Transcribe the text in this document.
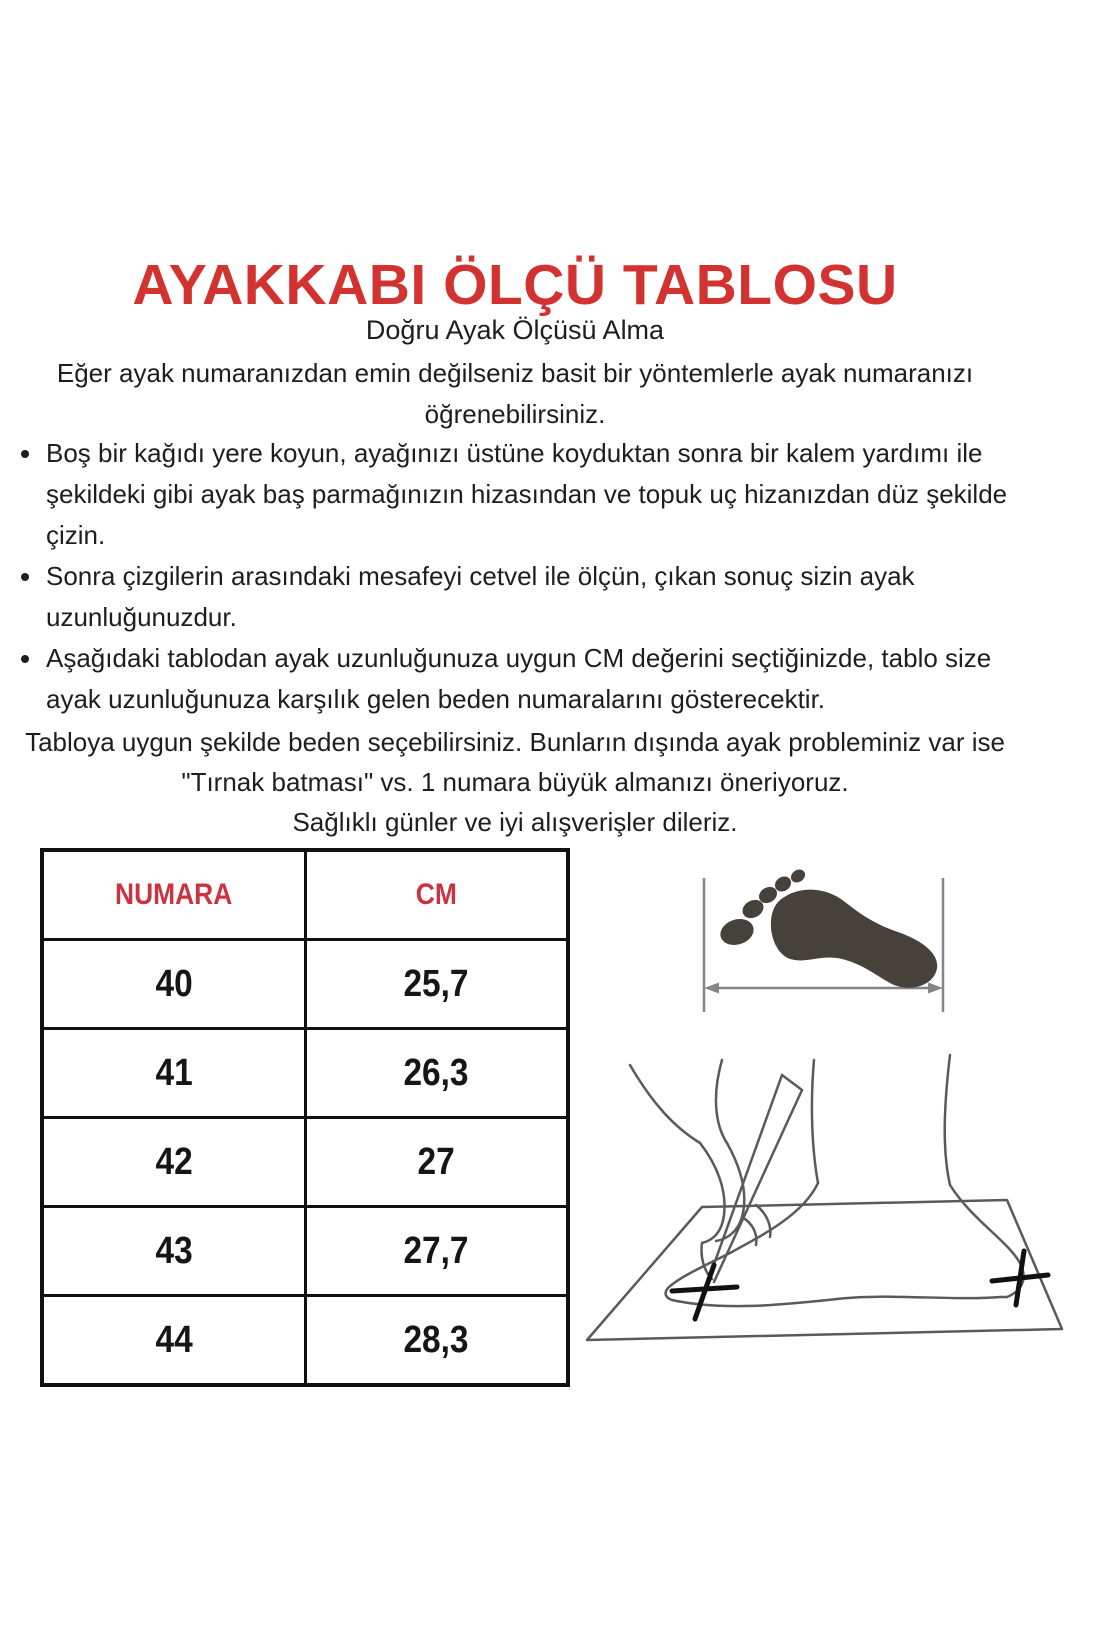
AYAKKABI ÖLÇÜ TABLOSU
Doğru Ayak Ölçüsü Alma
Eğer ayak numaranızdan emin değilseniz basit bir yöntemlerle ayak numaranızı
öğrenebilirsiniz.
• Boş bir kağıdı yere koyun, ayağınızı üstüne koyduktan sonra bir kalem yardımı ile şekildeki gibi ayak baş parmağınızın hizasından ve topuk uç hizanızdan düz şekilde çizin.
• Sonra çizgilerin arasındaki mesafeyi cetvel ile ölçün, çıkan sonuç sizin ayak uzunluğunuzdur.
• Aşağıdaki tablodan ayak uzunluğunuza uygun CM değerini seçtiğinizde, tablo size ayak uzunluğunuza karşılık gelen beden numaralarını gösterecektir.
Tabloya uygun şekilde beden seçebilirsiniz. Bunların dışında ayak probleminiz var ise
"Tırnak batması" vs. 1 numara büyük almanızı öneriyoruz.
Sağlıklı günler ve iyi alışverişler dileriz.
NUMARA	CM
40	25,7
41	26,3
42	27
43	27,7
44	28,3
